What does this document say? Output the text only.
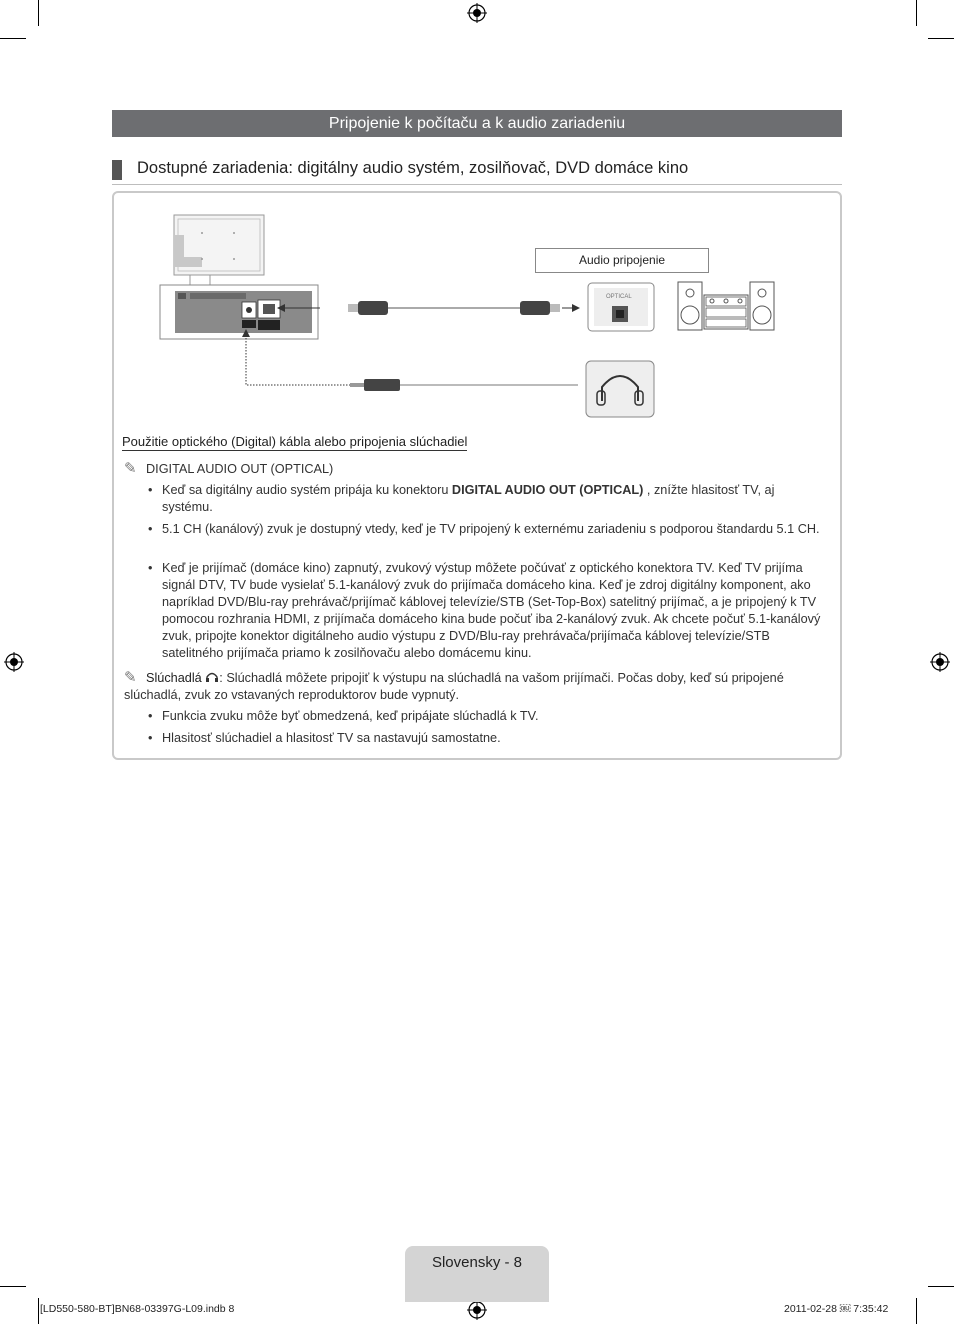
Pripojenie k počítaču a k audio zariadeniu
Dostupné zariadenia: digitálny audio systém, zosilňovač, DVD domáce kino
OPTICAL
Audio pripojenie
Použitie optického (Digital) kábla alebo pripojenia slúchadiel
✎ DIGITAL AUDIO OUT (OPTICAL)
• Keď sa digitálny audio systém pripája ku konektoru DIGITAL AUDIO OUT (OPTICAL) , znížte hlasitosť TV, aj systému.
• 5.1 CH (kanálový) zvuk je dostupný vtedy, keď je TV pripojený k externému zariadeniu s podporou štandardu 5.1 CH.
• Keď je prijímač (domáce kino) zapnutý, zvukový výstup môžete počúvať z optického konektora TV. Keď TV prijíma signál DTV, TV bude vysielať 5.1-kanálový zvuk do prijímača domáceho kina. Keď je zdroj digitálny komponent, ako napríklad DVD/Blu-ray prehrávač/prijímač káblovej televízie/STB (Set-Top-Box) satelitný prijímač, a je pripojený k TV pomocou rozhrania HDMI, z prijímača domáceho kina bude počuť iba 2-kanálový zvuk. Ak chcete počuť 5.1-kanálový zvuk, pripojte konektor digitálneho audio výstupu z DVD/Blu-ray prehrávača/prijímača káblovej televízie/STB satelitného prijímača priamo k zosilňovaču alebo domácemu kinu.
✎ Slúchadlá : Slúchadlá môžete pripojiť k výstupu na slúchadlá na vašom prijímači. Počas doby, keď sú pripojené slúchadlá, zvuk zo vstavaných reproduktorov bude vypnutý.
• Funkcia zvuku môže byť obmedzená, keď pripájate slúchadlá k TV.
• Hlasitosť slúchadiel a hlasitosť TV sa nastavujú samostatne.
Slovensky - 8
[LD550-580-BT]BN68-03397G-L09.indb 8	2011-02-28 ￼ 7:35:42
